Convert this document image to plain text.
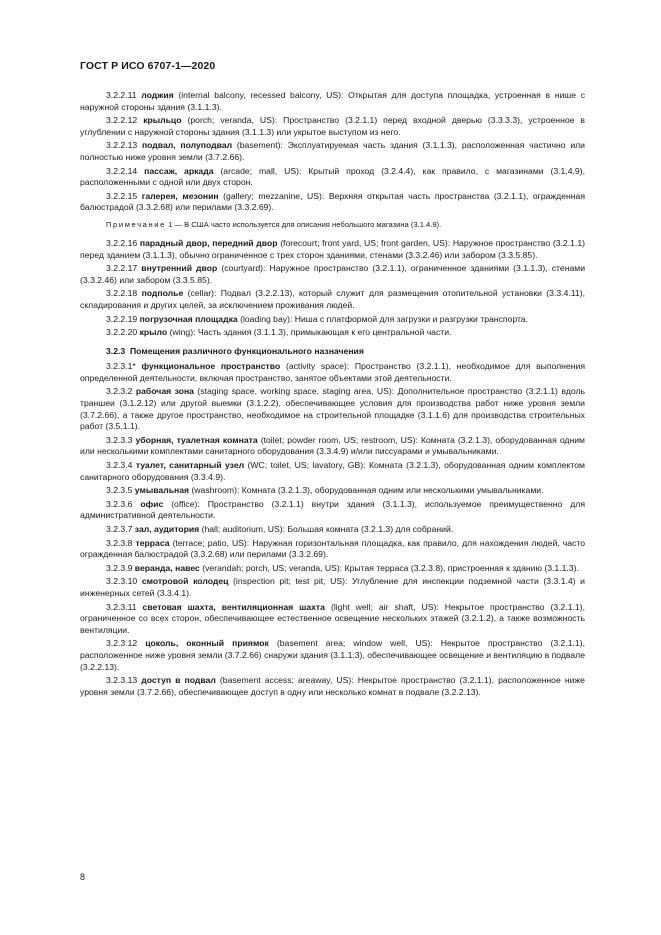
ГОСТ Р ИСО 6707-1—2020

3.2.2.11 лоджия (internal balcony, recessed balcony, US): Открытая для доступа площадка, устроенная в нише с наружной стороны здания (3.1.1.3).

3.2.2.12 крыльцо (porch; veranda, US): Пространство (3.2.1.1) перед входной дверью (3.3.3.3), устроенное в углублении с наружной стороны здания (3.1.1.3) или укрытое выступом из него.

3.2.2.13 подвал, полуподвал (basement): Эксплуатируемая часть здания (3.1.1.3), расположенная частично или полностью ниже уровня земли (3.7.2.66).

3.2.2.14 пассаж, аркада (arcade; mall, US): Крытый проход (3.2.4.4), как правило, с магазинами (3.1.4.9), расположенными с одной или двух сторон.

3.2.2.15 галерея, мезонин (gallery; mezzanine, US): Верхняя открытая часть пространства (3.2.1.1), огражденная балюстрадой (3.3.2.68) или перилами (3.3.2.69).

Примечание 1 — В США часто используется для описания небольшого магазина (3.1.4.9).

3.2.2.16 парадный двор, передний двор (forecourt; front yard, US; front garden, US): Наружное пространство (3.2.1.1) перед зданием (3.1.1.3), обычно ограниченное с трех сторон зданиями, стенами (3.3.2.46) или забором (3.3.5.85).

3.2.2.17 внутренний двор (courtyard): Наружное пространство (3.2.1.1), ограниченное зданиями (3.1.1.3), стенами (3.3.2.46) или забором (3.3.5.85).

3.2.2.18 подполье (cellar): Подвал (3.2.2.13), который служит для размещения отопительной установки (3.3.4.11), складирования и других целей, за исключением проживания людей.

3.2.2.19 погрузочная площадка (loading bay): Ниша с платформой для загрузки и разгрузки транспорта.

3.2.2.20 крыло (wing): Часть здания (3.1.1.3), примыкающая к его центральной части.

3.2.3 Помещения различного функционального назначения

3.2.3.1* функциональное пространство (activity space): Пространство (3.2.1.1), необходимое для выполнения определенной деятельности, включая пространство, занятое объектами этой деятельности.

3.2.3.2 рабочая зона (staging space, working space, staging area, US): Дополнительное пространство (3.2.1.1) вдоль траншеи (3.1.2.12) или другой выемки (3.1.2.2), обеспечивающее условия для производства работ ниже уровня земли (3.7.2.66), а также другое пространство, необходимое на строительной площадке (3.1.1.6) для производства строительных работ (3.5.1.1).

3.2.3.3 уборная, туалетная комната (toilet; powder room, US; restroom, US): Комната (3.2.1.3), оборудованная одним или несколькими комплектами санитарного оборудования (3.3.4.9) и/или писсуарами и умывальниками.

3.2.3.4 туалет, санитарный узел (WC; toilet, US; lavatory, GB): Комната (3.2.1.3), оборудованная одним комплектом санитарного оборудования (3.3.4.9).

3.2.3.5 умывальная (washroom): Комната (3.2.1.3), оборудованная одним или несколькими умывальниками.

3.2.3.6 офис (office): Пространство (3.2.1.1) внутри здания (3.1.1.3), используемое преимущественно для административной деятельности.

3.2.3.7 зал, аудитория (hall; auditorium, US): Большая комната (3.2.1.3) для собраний.

3.2.3.8 терраса (terrace; patio, US): Наружная горизонтальная площадка, как правило, для нахождения людей, часто огражденная балюстрадой (3.3.2.68) или перилами (3.3.2.69).

3.2.3.9 веранда, навес (verandah; porch, US; veranda, US): Крытая терраса (3.2.3.8), пристроенная к зданию (3.1.1.3).

3.2.3.10 смотровой колодец (inspection pit; test pit, US): Углубление для инспекции подземной части (3.3.1.4) и инженерных сетей (3.3.4.1).

3.2.3.11 световая шахта, вентиляционная шахта (light well; air shaft, US): Некрытое пространство (3.2.1.1), ограниченное со всех сторон, обеспечивающее естественное освещение нескольких этажей (3.2.1.2), а также возможность вентиляции.

3.2.3.12 цоколь, оконный приямок (basement area; window well, US): Некрытое пространство (3.2.1.1), расположенное ниже уровня земли (3.7.2.66) снаружи здания (3.1.1.3), обеспечивающее освещение и вентиляцию в подвале (3.2.2.13).

3.2.3.13 доступ в подвал (basement access; areaway, US): Некрытое пространство (3.2.1.1), расположенное ниже уровня земли (3.7.2.66), обеспечивающее доступ в одну или несколько комнат в подвале (3.2.2.13).

8
